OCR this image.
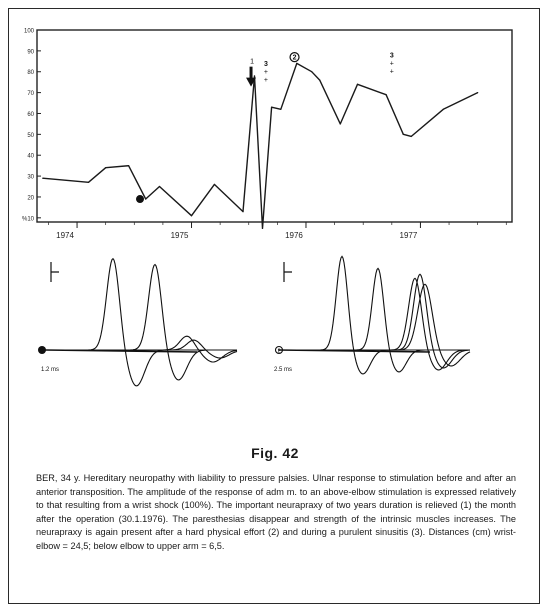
%10
20
30
40
50
60
70
80
90
100
1974	1975	1976	1977
1
2
3
+
+
3
+
+
1.2 ms
2
2.5 ms
Fig. 42
BER, 34 y. Hereditary neuropathy with liability to pressure palsies. Ulnar response to stimulation before and after an anterior transposition. The amplitude of the response of adm m. to an above-elbow stimulation is expressed relatively to that resulting from a wrist shock (100%). The important neurapraxy of two years duration is relieved (1) the month after the operation (30.1.1976). The paresthesias disappear and strength of the intrinsic muscles increases. The neurapraxy is again present after a hard physical effort (2) and during a purulent sinusitis (3). Distances (cm) wrist-elbow = 24,5; below elbow to upper arm = 6,5.
